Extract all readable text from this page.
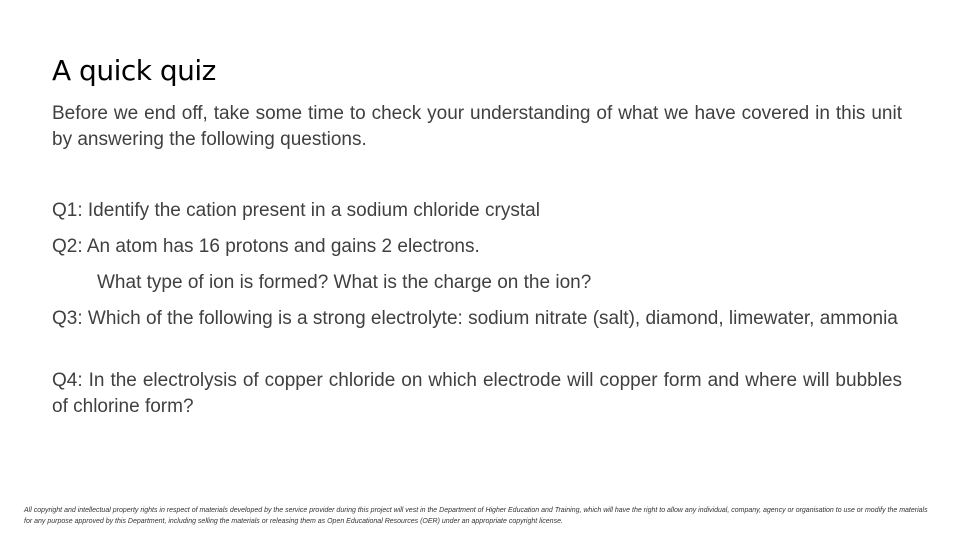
A quick quiz
Before we end off, take some time to check your understanding of what we have covered in this unit by answering the following questions.
Q1: Identify the cation present in a sodium chloride crystal
Q2: An atom has 16 protons and gains 2 electrons.
What type of ion is formed? What is the charge on the ion?
Q3: Which of the following is a strong electrolyte: sodium nitrate (salt), diamond, limewater, ammonia
Q4: In the electrolysis of copper chloride on which electrode will copper form and where will bubbles of chlorine form?
All copyright and intellectual property rights in respect of materials developed by the service provider during this project will vest in the Department of Higher Education and Training, which will have the right to allow any individual, company, agency or organisation to use or modify the materials for any purpose approved by this Department, including selling the materials or releasing them as Open Educational Resources (OER) under an appropriate copyright license.
